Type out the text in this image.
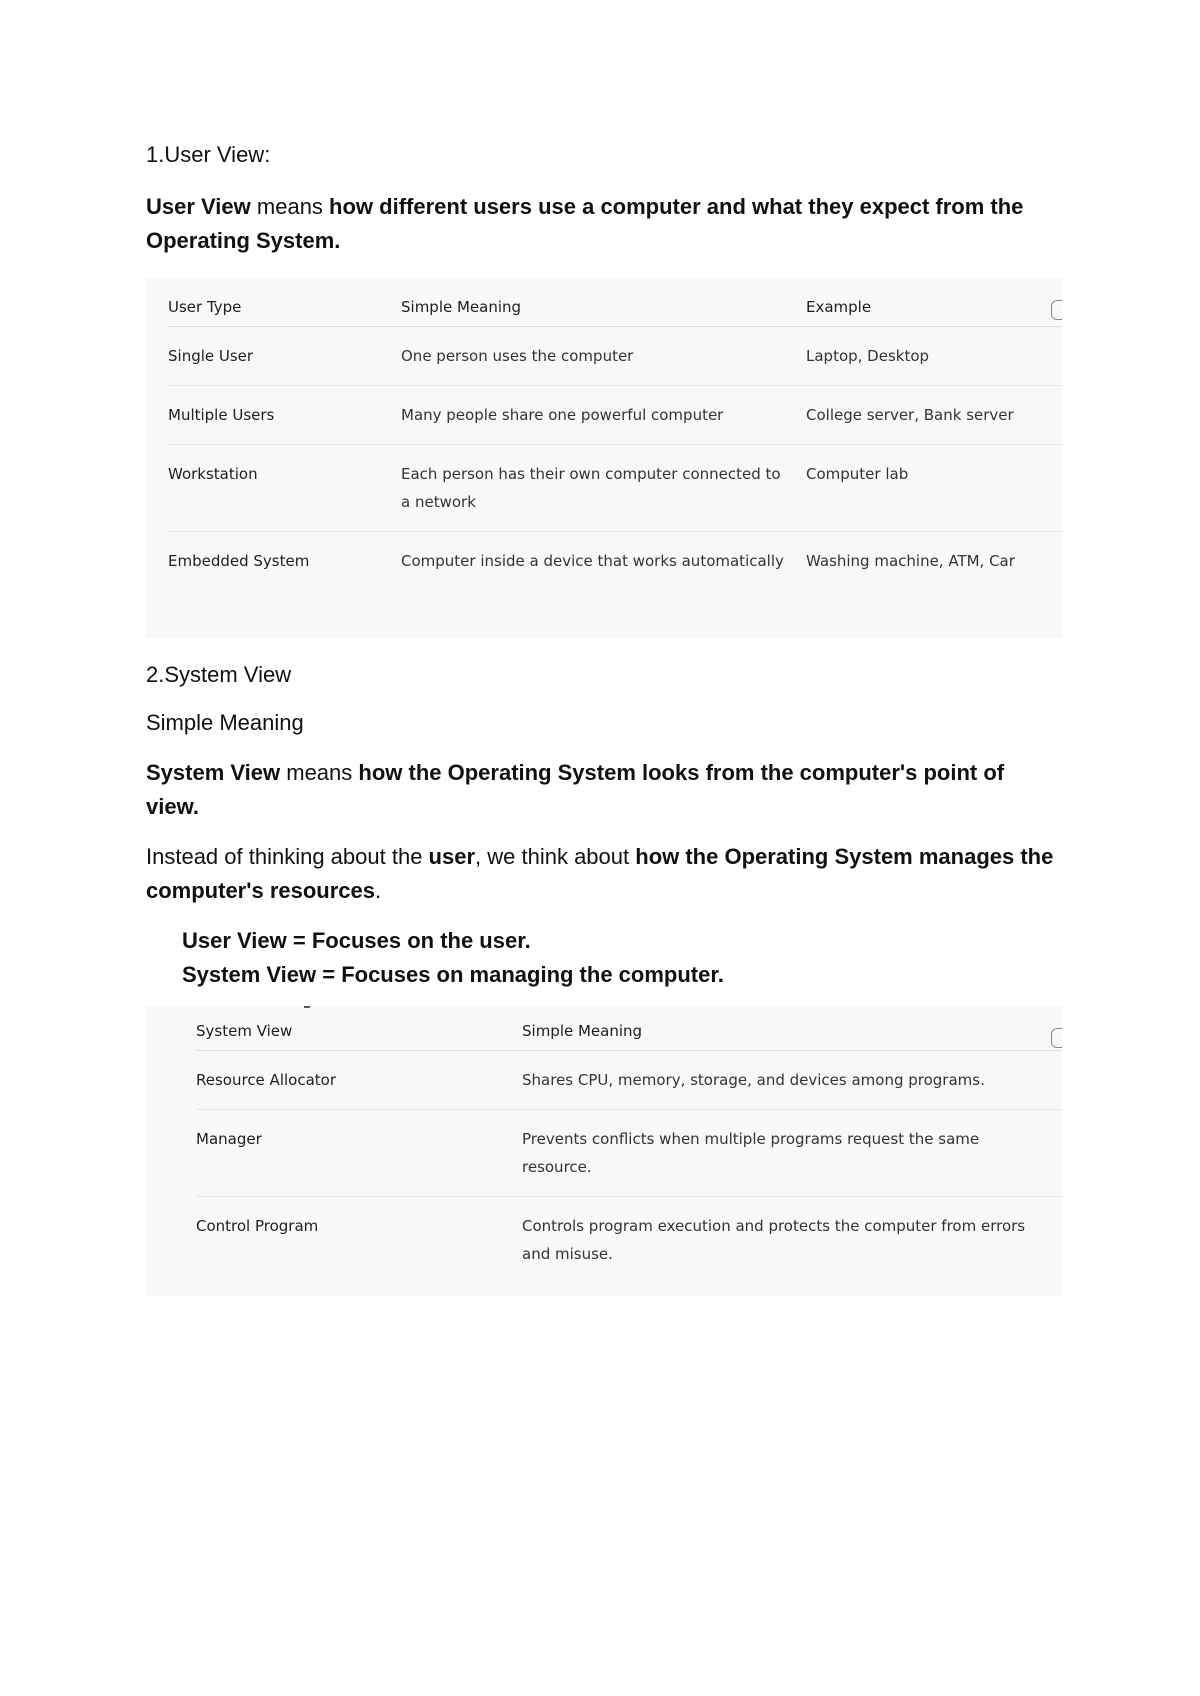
1.User View:

User View means how different users use a computer and what they expect from the Operating System.

User Type	Simple Meaning	Example
Single User	One person uses the computer	Laptop, Desktop
Multiple Users	Many people share one powerful computer	College server, Bank server
Workstation	Each person has their own computer connected to a network	Computer lab
Embedded System	Computer inside a device that works automatically	Washing machine, ATM, Car
2.System View
Simple Meaning

System View means how the Operating System looks from the computer's point of view.

Instead of thinking about the user, we think about how the Operating System manages the computer's resources.

User View = Focuses on the user.
System View = Focuses on managing the computer.
System View	Simple Meaning
Resource Allocator	Shares CPU, memory, storage, and devices among programs.
Manager	Prevents conflicts when multiple programs request the same resource.
Control Program	Controls program execution and protects the computer from errors and misuse.
